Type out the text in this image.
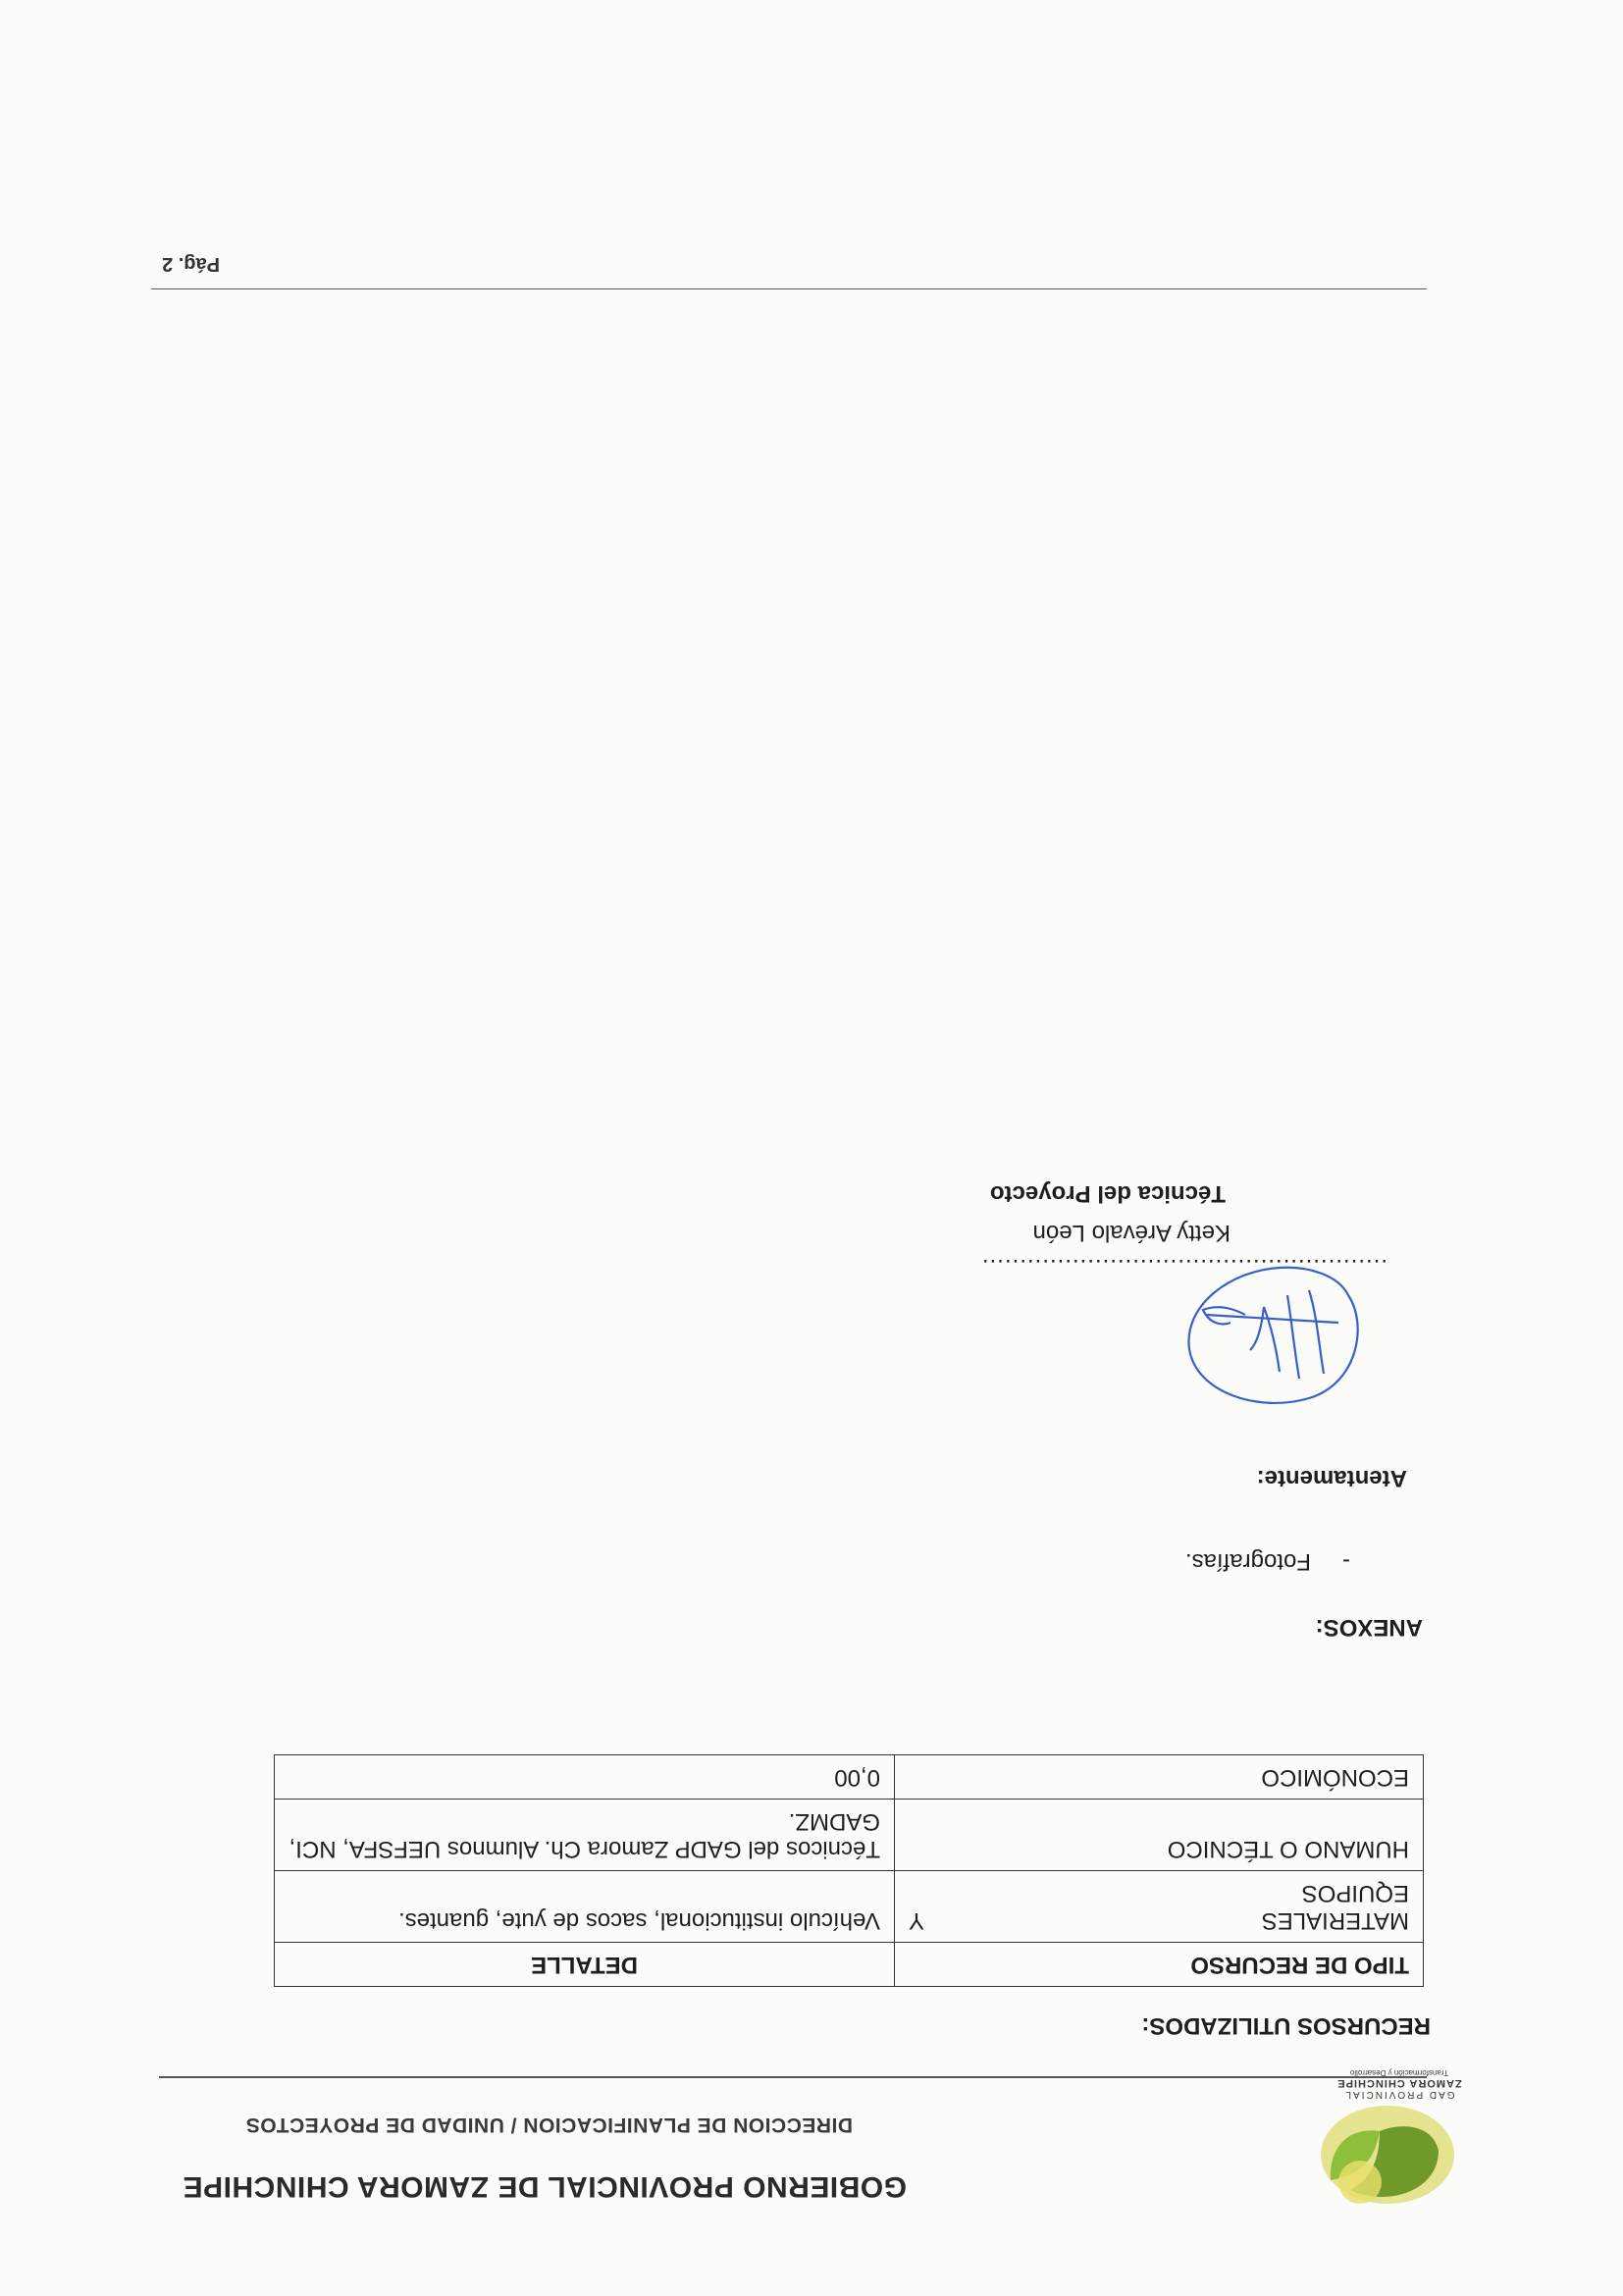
GAD PROVINCIAL
ZAMORA CHINCHIPE
Transformación y Desarrollo
GOBIERNO PROVINCIAL DE ZAMORA CHINCHIPE
DIRECCION DE PLANIFICACION / UNIDAD DE PROYECTOS
RECURSOS UTILIZADOS:
TIPO DE RECURSO	DETALLE

MATERIALES
Y
EQUIPOS	Vehículo institucional, sacos de yute, guantes.
HUMANO O TÉCNICO	Técnicos del GADP Zamora Ch. Alumnos UEFSFA, NCI, GADMZ.
ECONÓMICO	0,00
ANEXOS:
-Fotografías.
Atentamente:
......................................................
Ketty Arévalo León
Técnica del Proyecto
Pág. 2
